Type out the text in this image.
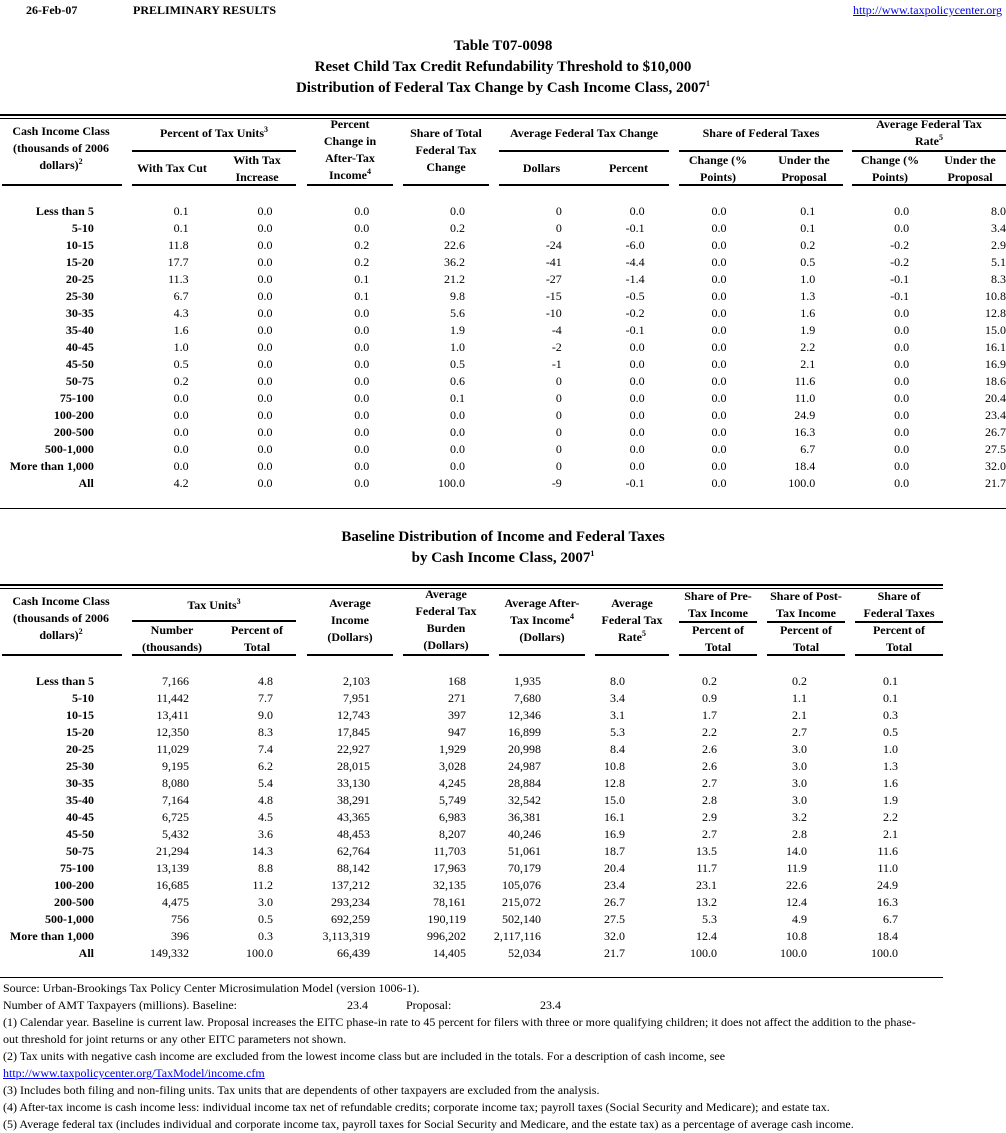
26-Feb-07	PRELIMINARY RESULTS	http://www.taxpolicycenter.org
Table T07-0098
Reset Child Tax Credit Refundability Threshold to $10,000
Distribution of Federal Tax Change by Cash Income Class, 2007$^1$
Cash Income Class
(thousands of 2006
dollars)$^2$
Percent of Tax Units$^3$
With Tax Cut
With Tax
Increase
Percent
Change in
After-Tax
Income$^4$
Share of Total
Federal Tax
Change
Average Federal Tax Change
Dollars	Percent
Share of Federal Taxes
Change (%
Points)
Under the
Proposal
Average Federal Tax
Rate$^5$
Change (%
Points)
Under the
Proposal
Less than 5	0.1	0.0	0.0	0.0	0	0.0	0.0	0.1	0.0	8.0
5-10	0.1	0.0	0.0	0.2	0	-0.1	0.0	0.1	0.0	3.4
10-15	11.8	0.0	0.2	22.6	-24	-6.0	0.0	0.2	-0.2	2.9
15-20	17.7	0.0	0.2	36.2	-41	-4.4	0.0	0.5	-0.2	5.1
20-25	11.3	0.0	0.1	21.2	-27	-1.4	0.0	1.0	-0.1	8.3
25-30	6.7	0.0	0.1	9.8	-15	-0.5	0.0	1.3	-0.1	10.8
30-35	4.3	0.0	0.0	5.6	-10	-0.2	0.0	1.6	0.0	12.8
35-40	1.6	0.0	0.0	1.9	-4	-0.1	0.0	1.9	0.0	15.0
40-45	1.0	0.0	0.0	1.0	-2	0.0	0.0	2.2	0.0	16.1
45-50	0.5	0.0	0.0	0.5	-1	0.0	0.0	2.1	0.0	16.9
50-75	0.2	0.0	0.0	0.6	0	0.0	0.0	11.6	0.0	18.6
75-100	0.0	0.0	0.0	0.1	0	0.0	0.0	11.0	0.0	20.4
100-200	0.0	0.0	0.0	0.0	0	0.0	0.0	24.9	0.0	23.4
200-500	0.0	0.0	0.0	0.0	0	0.0	0.0	16.3	0.0	26.7
500-1,000	0.0	0.0	0.0	0.0	0	0.0	0.0	6.7	0.0	27.5
More than 1,000	0.0	0.0	0.0	0.0	0	0.0	0.0	18.4	0.0	32.0
All	4.2	0.0	0.0	100.0	-9	-0.1	0.0	100.0	0.0	21.7
Baseline Distribution of Income and Federal Taxes
by Cash Income Class, 2007$^1$
Cash Income Class
(thousands of 2006
dollars)$^2$
Tax Units$^3$
Number
(thousands)
Percent of
Total
Average
Income
(Dollars)
Average
Federal Tax
Burden
(Dollars)
Average After-
Tax Income$^4$
(Dollars)
Average
Federal Tax
Rate$^5$
Share of Pre-
Tax Income
Percent of
Total
Share of Post-
Tax Income
Percent of
Total
Share of
Federal Taxes
Percent of
Total
Less than 5	7,166	4.8	2,103	168	1,935	8.0	0.2	0.2	0.1
5-10	11,442	7.7	7,951	271	7,680	3.4	0.9	1.1	0.1
10-15	13,411	9.0	12,743	397	12,346	3.1	1.7	2.1	0.3
15-20	12,350	8.3	17,845	947	16,899	5.3	2.2	2.7	0.5
20-25	11,029	7.4	22,927	1,929	20,998	8.4	2.6	3.0	1.0
25-30	9,195	6.2	28,015	3,028	24,987	10.8	2.6	3.0	1.3
30-35	8,080	5.4	33,130	4,245	28,884	12.8	2.7	3.0	1.6
35-40	7,164	4.8	38,291	5,749	32,542	15.0	2.8	3.0	1.9
40-45	6,725	4.5	43,365	6,983	36,381	16.1	2.9	3.2	2.2
45-50	5,432	3.6	48,453	8,207	40,246	16.9	2.7	2.8	2.1
50-75	21,294	14.3	62,764	11,703	51,061	18.7	13.5	14.0	11.6
75-100	13,139	8.8	88,142	17,963	70,179	20.4	11.7	11.9	11.0
100-200	16,685	11.2	137,212	32,135	105,076	23.4	23.1	22.6	24.9
200-500	4,475	3.0	293,234	78,161	215,072	26.7	13.2	12.4	16.3
500-1,000	756	0.5	692,259	190,119	502,140	27.5	5.3	4.9	6.7
More than 1,000	396	0.3	3,113,319	996,202	2,117,116	32.0	12.4	10.8	18.4
All	149,332	100.0	66,439	14,405	52,034	21.7	100.0	100.0	100.0
Source: Urban-Brookings Tax Policy Center Microsimulation Model (version 1006-1).
Number of AMT Taxpayers (millions). Baseline:	23.4	Proposal:	23.4
(1) Calendar year. Baseline is current law. Proposal increases the EITC phase-in rate to 45 percent for filers with three or more qualifying children; it does not affect the addition to the phase-
out threshold for joint returns or any other EITC parameters not shown.
(2) Tax units with negative cash income are excluded from the lowest income class but are included in the totals. For a description of cash income, see
http://www.taxpolicycenter.org/TaxModel/income.cfm
(3) Includes both filing and non-filing units. Tax units that are dependents of other taxpayers are excluded from the analysis.
(4) After-tax income is cash income less: individual income tax net of refundable credits; corporate income tax; payroll taxes (Social Security and Medicare); and estate tax.
(5) Average federal tax (includes individual and corporate income tax, payroll taxes for Social Security and Medicare, and the estate tax) as a percentage of average cash income.
